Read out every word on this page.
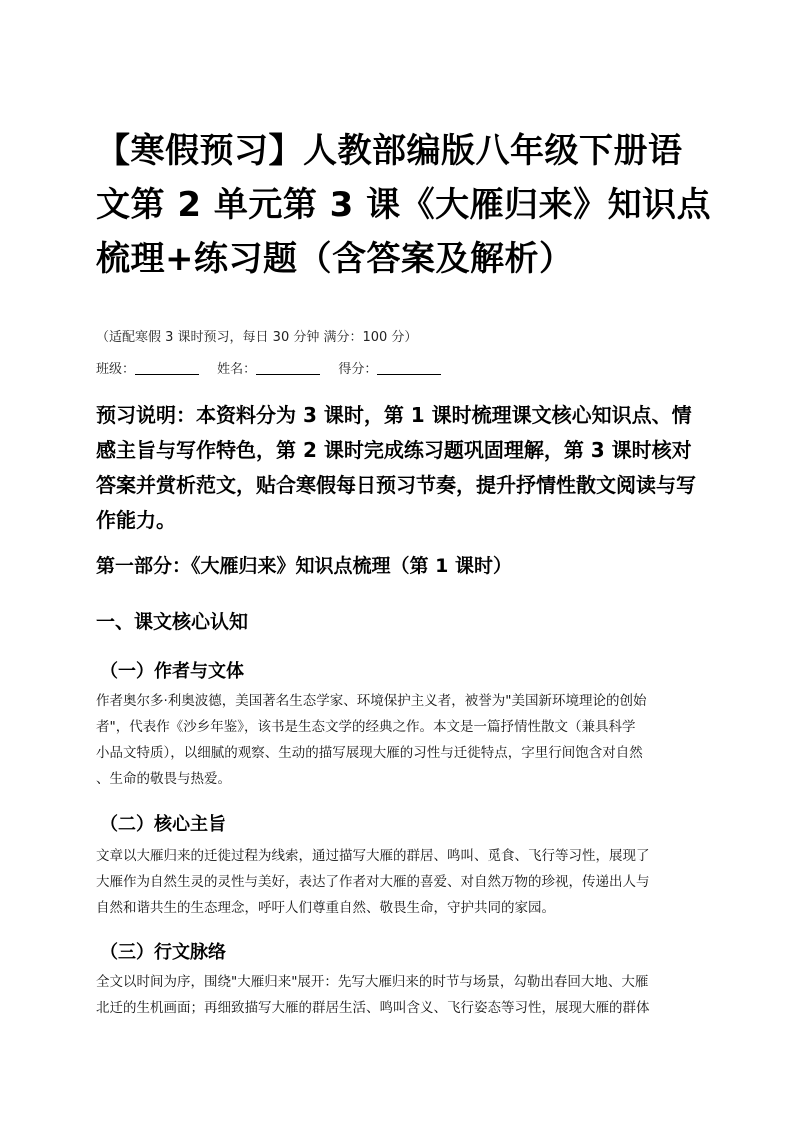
【寒假预习】人教部编版八年级下册语
文第 2 单元第 3 课《大雁归来》知识点
梳理+练习题（含答案及解析）
（适配寒假 3 课时预习，每日 30 分钟 满分：100 分）
班级：	姓名：	得分：
预习说明：本资料分为 3 课时，第 1 课时梳理课文核心知识点、情
感主旨与写作特色，第 2 课时完成练习题巩固理解，第 3 课时核对
答案并赏析范文，贴合寒假每日预习节奏，提升抒情性散文阅读与写
作能力。
第一部分：《大雁归来》知识点梳理（第 1 课时）
一、课文核心认知
（一）作者与文体
作者奥尔多·利奥波德，美国著名生态学家、环境保护主义者，被誉为"美国新环境理论的创始
者"，代表作《沙乡年鉴》，该书是生态文学的经典之作。本文是一篇抒情性散文（兼具科学
小品文特质），以细腻的观察、生动的描写展现大雁的习性与迁徙特点，字里行间饱含对自然
、生命的敬畏与热爱。
（二）核心主旨
文章以大雁归来的迁徙过程为线索，通过描写大雁的群居、鸣叫、觅食、飞行等习性，展现了
大雁作为自然生灵的灵性与美好，表达了作者对大雁的喜爱、对自然万物的珍视，传递出人与
自然和谐共生的生态理念，呼吁人们尊重自然、敬畏生命，守护共同的家园。
（三）行文脉络
全文以时间为序，围绕"大雁归来"展开：先写大雁归来的时节与场景，勾勒出春回大地、大雁
北迁的生机画面；再细致描写大雁的群居生活、鸣叫含义、飞行姿态等习性，展现大雁的群体
